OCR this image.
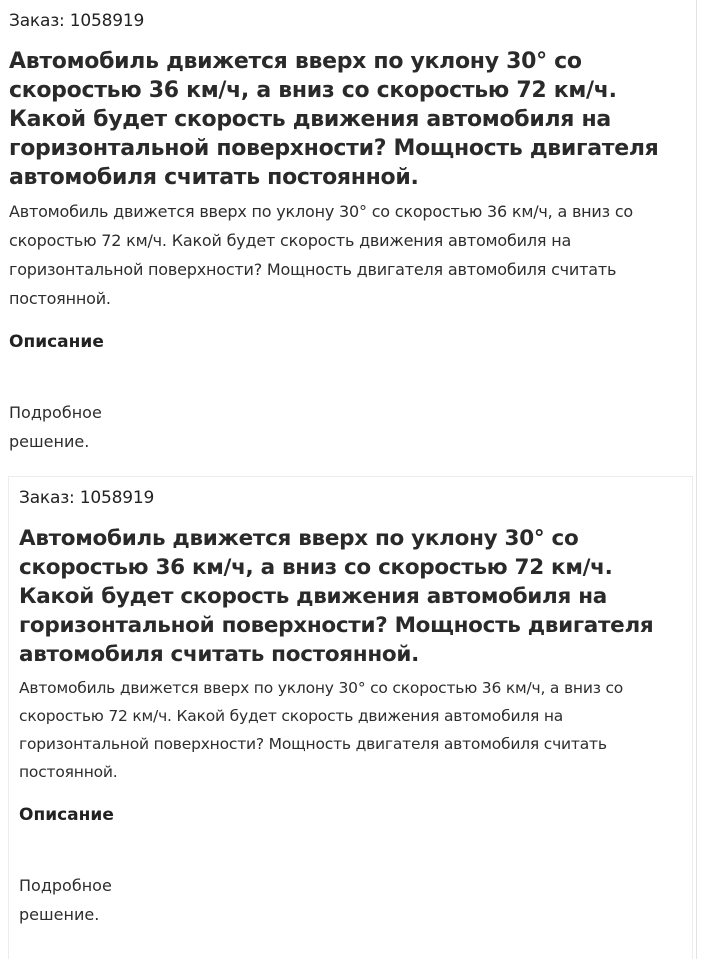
Заказ: 1058919
Автомобиль движется вверх по уклону 30° со скоростью 36 км/ч, а вниз со скоростью 72 км/ч. Какой будет скорость движения автомобиля на горизонтальной поверхности? Мощность двигателя автомобиля считать постоянной.
Автомобиль движется вверх по уклону 30° со скоростью 36 км/ч, а вниз со скоростью 72 км/ч. Какой будет скорость движения автомобиля на горизонтальной поверхности? Мощность двигателя автомобиля считать постоянной.
Описание
Подробное решение.
Заказ: 1058919
Автомобиль движется вверх по уклону 30° со скоростью 36 км/ч, а вниз со скоростью 72 км/ч. Какой будет скорость движения автомобиля на горизонтальной поверхности? Мощность двигателя автомобиля считать постоянной.
Автомобиль движется вверх по уклону 30° со скоростью 36 км/ч, а вниз со скоростью 72 км/ч. Какой будет скорость движения автомобиля на горизонтальной поверхности? Мощность двигателя автомобиля считать постоянной.
Описание
Подробное решение.
